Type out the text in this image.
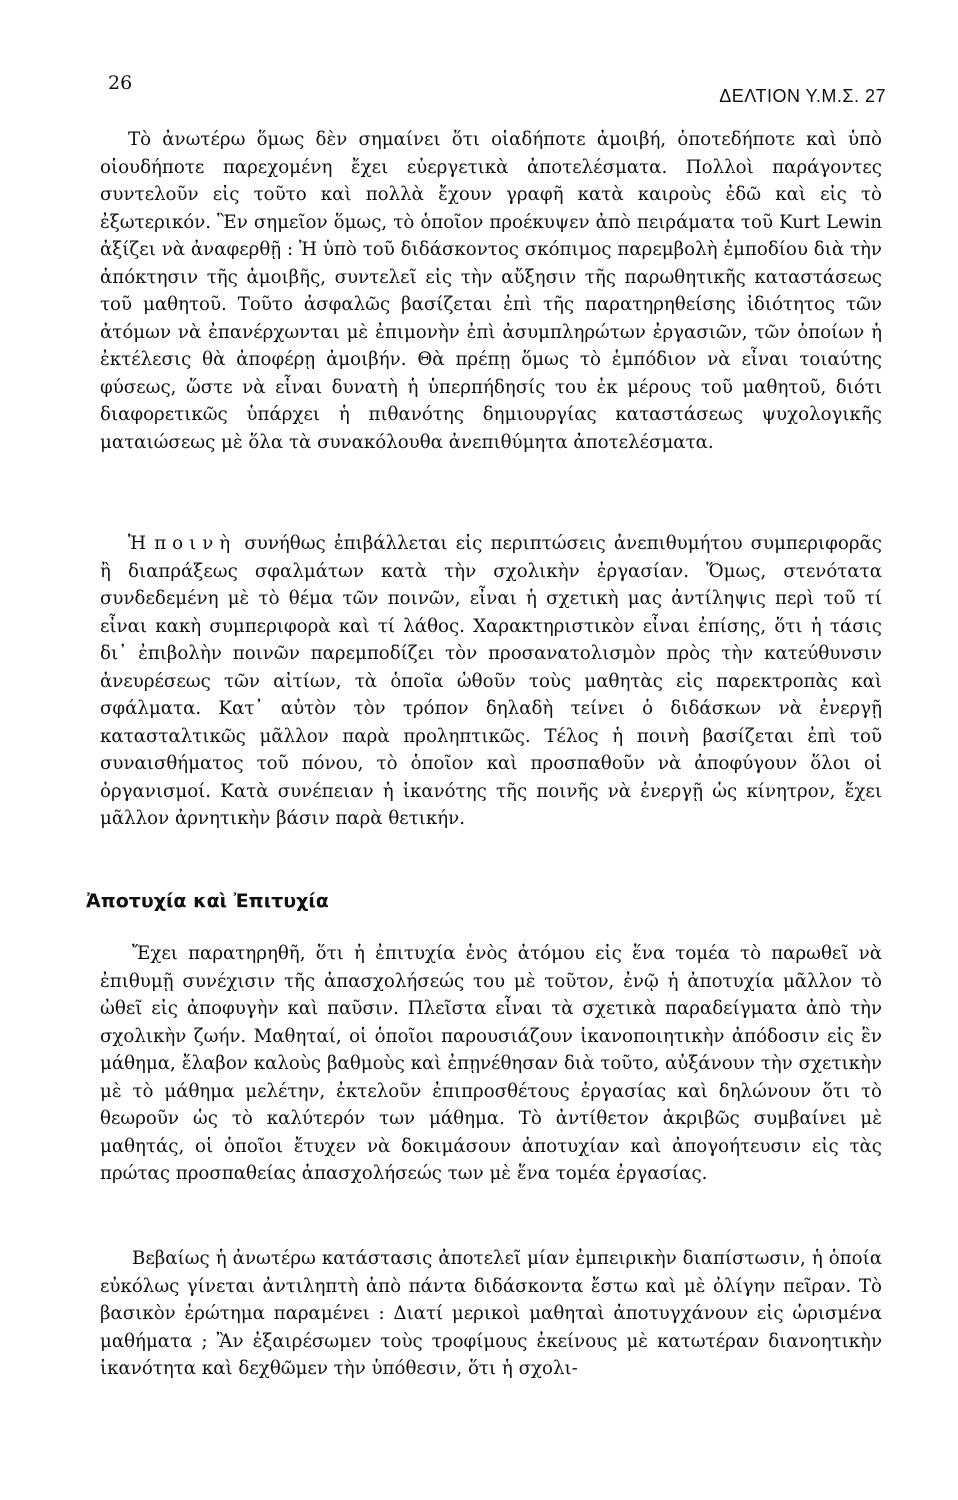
26
ΔΕΛΤΙΟΝ Υ.Μ.Σ. 27

Τὸ ἀνωτέρω ὅμως δὲν σημαίνει ὅτι οἱαδήποτε ἀμοιβή, ὁποτεδήποτε καὶ ὑπὸ οἱουδήποτε παρεχομένη ἔχει εὐεργετικὰ ἀποτελέσματα. Πολλοὶ παράγοντες συντελοῦν εἰς τοῦτο καὶ πολλὰ ἔχουν γραφῆ κατὰ καιροὺς ἐδῶ καὶ εἰς τὸ ἐξωτερικόν. Ἓν σημεῖον ὅμως, τὸ ὁποῖον προέκυψεν ἀπὸ πειράματα τοῦ Kurt Lewin ἀξίζει νὰ ἀναφερθῇ : Ἡ ὑπὸ τοῦ διδάσκοντος σκόπιμος παρεμβολὴ ἐμποδίου διὰ τὴν ἀπόκτησιν τῆς ἀμοιβῆς, συντελεῖ εἰς τὴν αὔξησιν τῆς παρωθητικῆς καταστάσεως τοῦ μαθητοῦ. Τοῦτο ἀσφαλῶς βασίζεται ἐπὶ τῆς παρατηρηθείσης ἰδιότητος τῶν ἀτόμων νὰ ἐπανέρχωνται μὲ ἐπιμονὴν ἐπὶ ἀσυμπληρώτων ἐργασιῶν, τῶν ὁποίων ἡ ἐκτέλεσις θὰ ἀποφέρῃ ἀμοιβήν. Θὰ πρέπῃ ὅμως τὸ ἐμπόδιον νὰ εἶναι τοιαύτης φύσεως, ὥστε νὰ εἶναι δυνατὴ ἡ ὑπερπήδησίς του ἐκ μέρους τοῦ μαθητοῦ, διότι διαφορετικῶς ὑπάρχει ἡ πιθανότης δημιουργίας καταστάσεως ψυχολογικῆς ματαιώσεως μὲ ὅλα τὰ συνακόλουθα ἀνεπιθύμητα ἀποτελέσματα.

Ἡ ποινὴ συνήθως ἐπιβάλλεται εἰς περιπτώσεις ἀνεπιθυμήτου συμπεριφορᾶς ἢ διαπράξεως σφαλμάτων κατὰ τὴν σχολικὴν ἐργασίαν. Ὅμως, στενότατα συνδεδεμένη μὲ τὸ θέμα τῶν ποινῶν, εἶναι ἡ σχετικὴ μας ἀντίληψις περὶ τοῦ τί εἶναι κακὴ συμπεριφορὰ καὶ τί λάθος. Χαρακτηριστικὸν εἶναι ἐπίσης, ὅτι ἡ τάσις δι᾽ ἐπιβολὴν ποινῶν παρεμποδίζει τὸν προσανατολισμὸν πρὸς τὴν κατεύθυνσιν ἀνευρέσεως τῶν αἰτίων, τὰ ὁποῖα ὠθοῦν τοὺς μαθητὰς εἰς παρεκτροπὰς καὶ σφάλματα. Κατ᾽ αὐτὸν τὸν τρόπον δηλαδὴ τείνει ὁ διδάσκων νὰ ἐνεργῇ κατασταλτικῶς μᾶλλον παρὰ προληπτικῶς. Τέλος ἡ ποινὴ βασίζεται ἐπὶ τοῦ συναισθήματος τοῦ πόνου, τὸ ὁποῖον καὶ προσπαθοῦν νὰ ἀποφύγουν ὅλοι οἱ ὀργανισμοί. Κατὰ συνέπειαν ἡ ἱκανότης τῆς ποινῆς νὰ ἐνεργῇ ὡς κίνητρον, ἔχει μᾶλλον ἀρνητικὴν βάσιν παρὰ θετικήν.

Ἀποτυχία καὶ Ἐπιτυχία

Ἔχει παρατηρηθῆ, ὅτι ἡ ἐπιτυχία ἑνὸς ἀτόμου εἰς ἕνα τομέα τὸ παρωθεῖ νὰ ἐπιθυμῇ συνέχισιν τῆς ἀπασχολήσεώς του μὲ τοῦτον, ἐνῷ ἡ ἀποτυχία μᾶλλον τὸ ὠθεῖ εἰς ἀποφυγὴν καὶ παῦσιν. Πλεῖστα εἶναι τὰ σχετικὰ παραδείγματα ἀπὸ τὴν σχολικὴν ζωήν. Μαθηταί, οἱ ὁποῖοι παρουσιάζουν ἱκανοποιητικὴν ἀπόδοσιν εἰς ἓν μάθημα, ἔλαβον καλοὺς βαθμοὺς καὶ ἐπῃνέθησαν διὰ τοῦτο, αὐξάνουν τὴν σχετικὴν μὲ τὸ μάθημα μελέτην, ἐκτελοῦν ἐπιπροσθέτους ἐργασίας καὶ δηλώνουν ὅτι τὸ θεωροῦν ὡς τὸ καλύτερόν των μάθημα. Τὸ ἀντίθετον ἀκριβῶς συμβαίνει μὲ μαθητάς, οἱ ὁποῖοι ἔτυχεν νὰ δοκιμάσουν ἀποτυχίαν καὶ ἀπογοήτευσιν εἰς τὰς πρώτας προσπαθείας ἀπασχολήσεώς των μὲ ἕνα τομέα ἐργασίας.

Βεβαίως ἡ ἀνωτέρω κατάστασις ἀποτελεῖ μίαν ἐμπειρικὴν διαπίστωσιν, ἡ ὁποία εὐκόλως γίνεται ἀντιληπτὴ ἀπὸ πάντα διδάσκοντα ἔστω καὶ μὲ ὀλίγην πεῖραν. Τὸ βασικὸν ἐρώτημα παραμένει : Διατί μερικοὶ μαθηταὶ ἀποτυγχάνουν εἰς ὡρισμένα μαθήματα ; Ἂν ἐξαιρέσωμεν τοὺς τροφίμους ἐκείνους μὲ κατωτέραν διανοητικὴν ἱκανότητα καὶ δεχθῶμεν τὴν ὑπόθεσιν, ὅτι ἡ σχολι-
